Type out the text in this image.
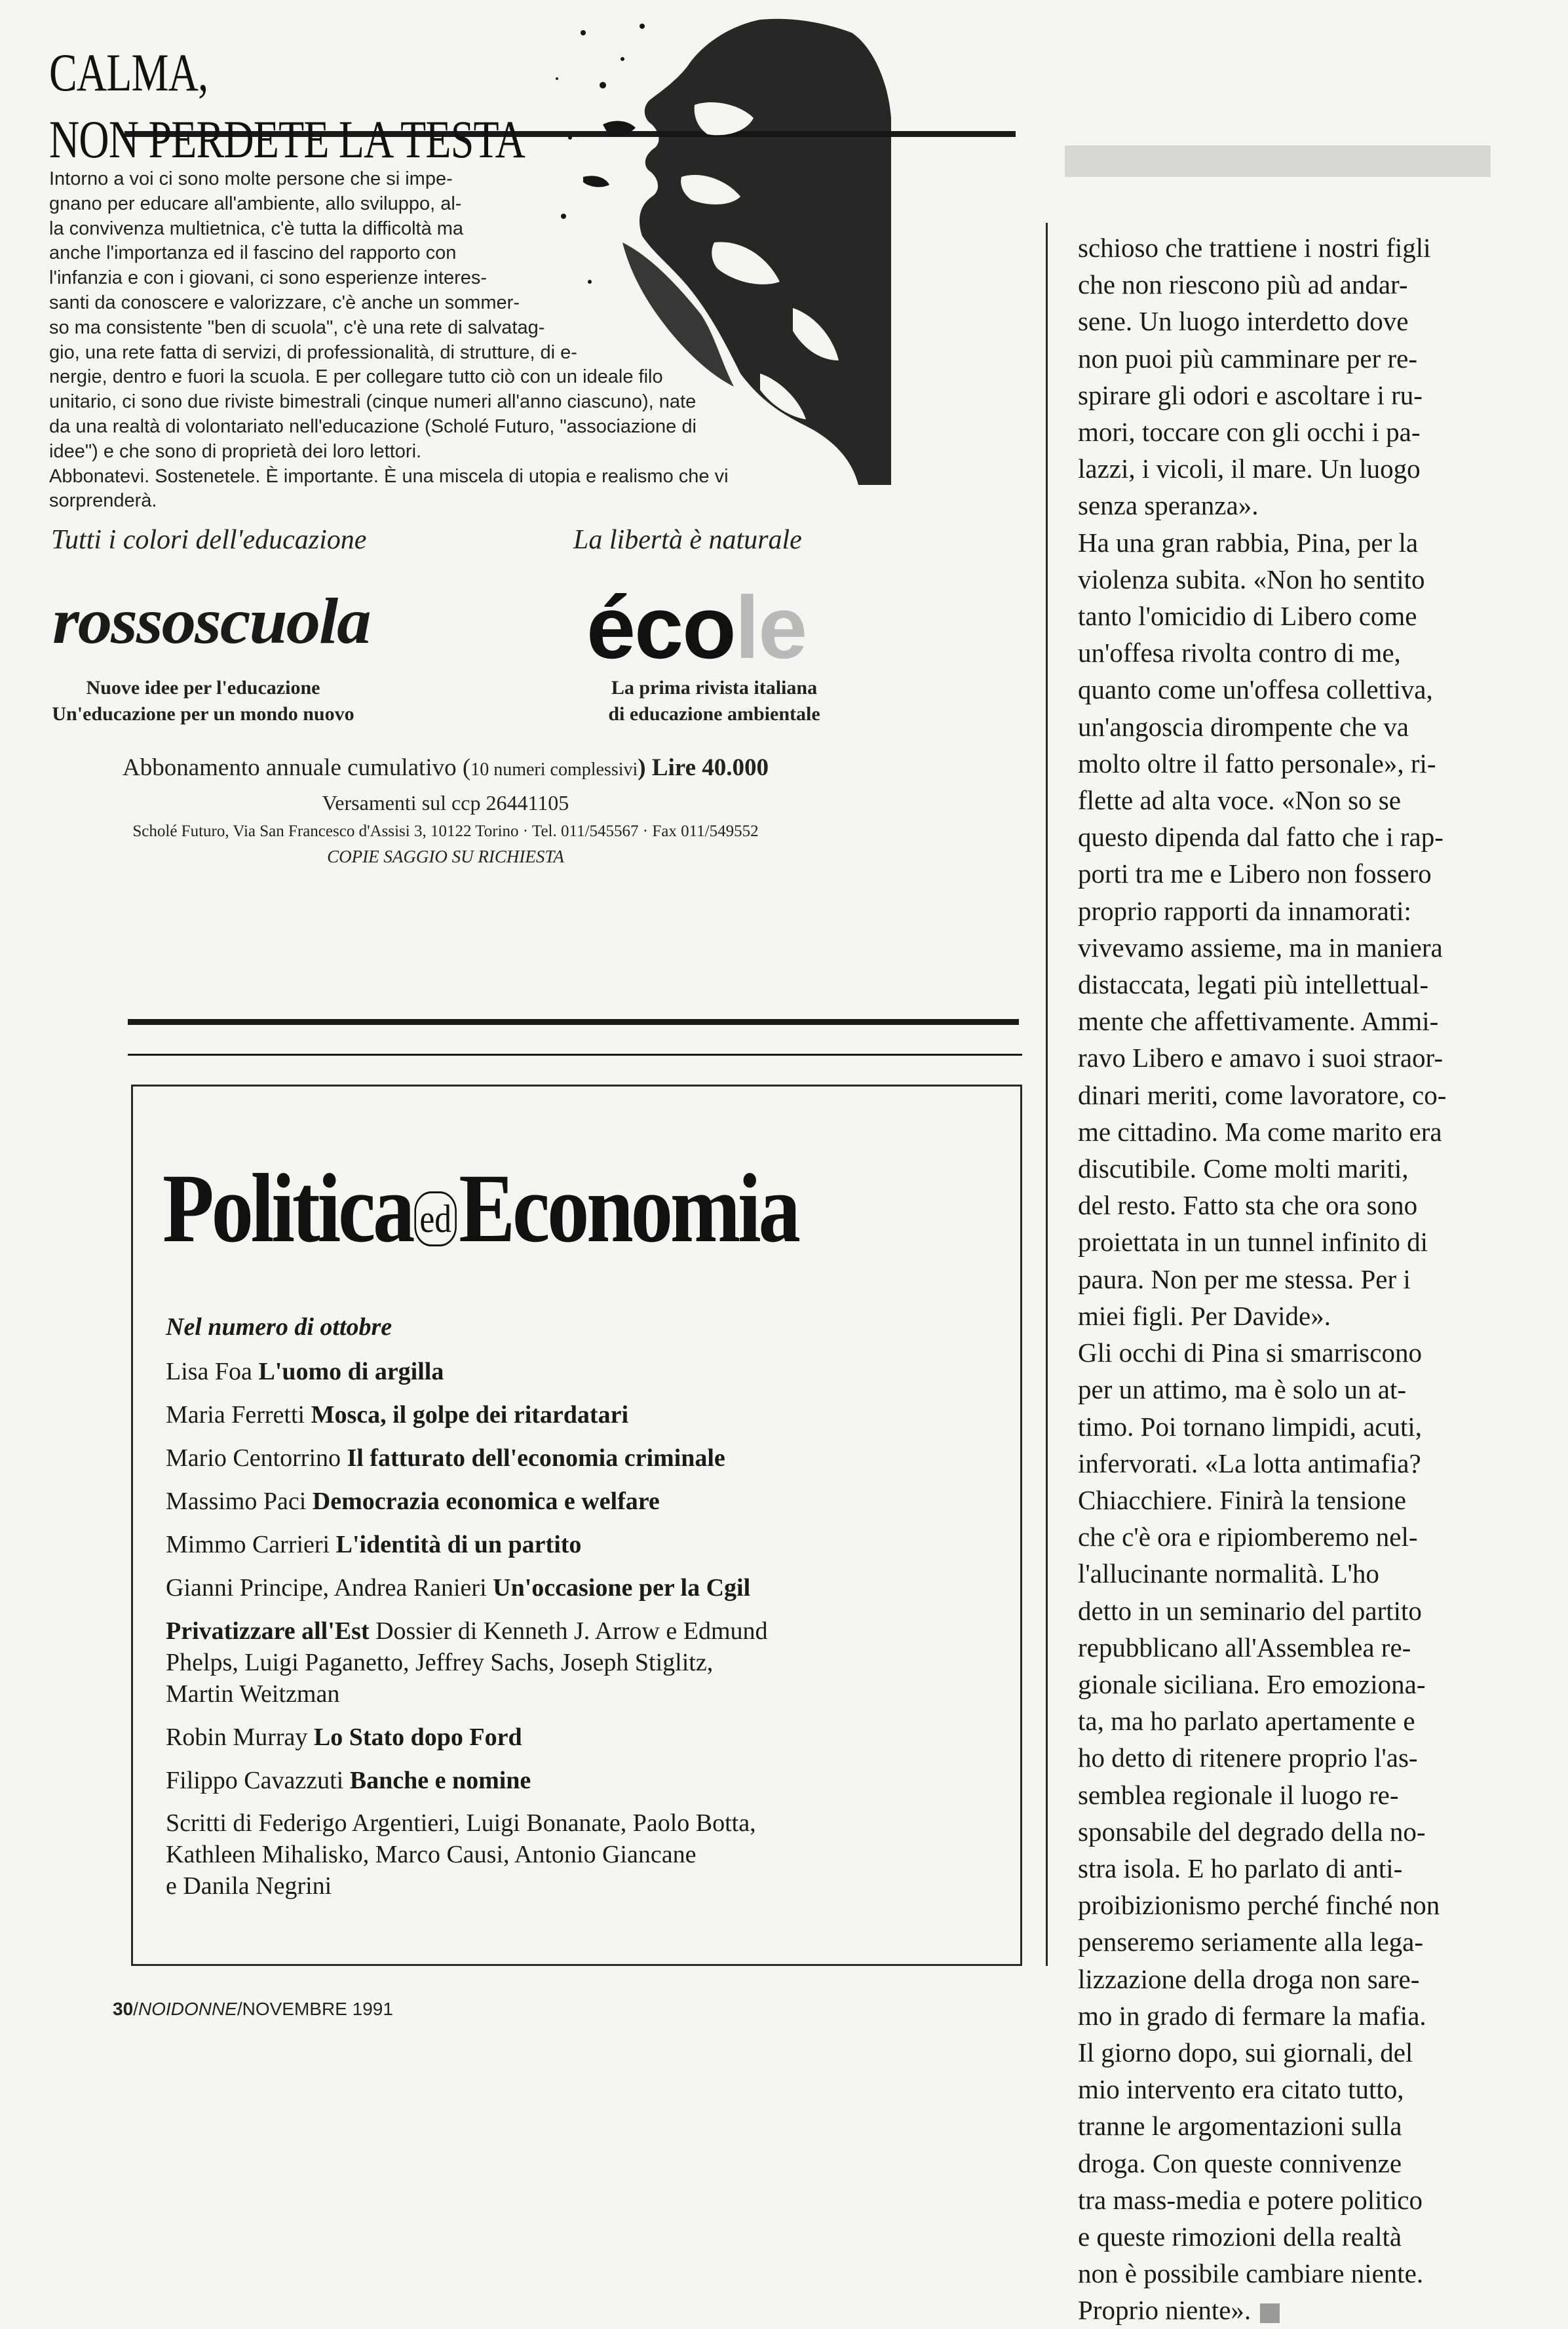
CALMA,
NON PERDETE LA TESTA
Intorno a voi ci sono molte persone che si impe-
gnano per educare all'ambiente, allo sviluppo, al-
la convivenza multietnica, c'è tutta la difficoltà ma
anche l'importanza ed il fascino del rapporto con
l'infanzia e con i giovani, ci sono esperienze interes-
santi da conoscere e valorizzare, c'è anche un sommer-
so ma consistente "ben di scuola", c'è una rete di salvatag-
gio, una rete fatta di servizi, di professionalità, di strutture, di e-
nergie, dentro e fuori la scuola. E per collegare tutto ciò con un ideale filo
unitario, ci sono due riviste bimestrali (cinque numeri all'anno ciascuno), nate
da una realtà di volontariato nell'educazione (Scholé Futuro, "associazione di
idee") e che sono di proprietà dei loro lettori.
Abbonatevi. Sostenetele. È importante. È una miscela di utopia e realismo che vi
sorprenderà.
Tutti i colori dell'educazione	La libertà è naturale
rossoscuola école
Nuove idee per l'educazione
Un'educazione per un mondo nuovo
La prima rivista italiana
di educazione ambientale
Abbonamento annuale cumulativo (10 numeri complessivi) Lire 40.000
Versamenti sul ccp 26441105
Scholé Futuro, Via San Francesco d'Assisi 3, 10122 Torino · Tel. 011/545567 · Fax 011/549552
COPIE SAGGIO SU RICHIESTA
Politica edEconomia
Nel numero di ottobre
Lisa Foa L'uomo di argilla
Maria Ferretti Mosca, il golpe dei ritardatari
Mario Centorrino Il fatturato dell'economia criminale
Massimo Paci Democrazia economica e welfare
Mimmo Carrieri L'identità di un partito
Gianni Principe, Andrea Ranieri Un'occasione per la Cgil
Privatizzare all'Est Dossier di Kenneth J. Arrow e Edmund
Phelps, Luigi Paganetto, Jeffrey Sachs, Joseph Stiglitz,
Martin Weitzman
Robin Murray Lo Stato dopo Ford
Filippo Cavazzuti Banche e nomine
Scritti di Federigo Argentieri, Luigi Bonanate, Paolo Botta,
Kathleen Mihalisko, Marco Causi, Antonio Giancane
e Danila Negrini
schioso che trattiene i nostri figli
che non riescono più ad andar-
sene. Un luogo interdetto dove
non puoi più camminare per re-
spirare gli odori e ascoltare i ru-
mori, toccare con gli occhi i pa-
lazzi, i vicoli, il mare. Un luogo
senza speranza».
Ha una gran rabbia, Pina, per la
violenza subita. «Non ho sentito
tanto l'omicidio di Libero come
un'offesa rivolta contro di me,
quanto come un'offesa collettiva,
un'angoscia dirompente che va
molto oltre il fatto personale», ri-
flette ad alta voce. «Non so se
questo dipenda dal fatto che i rap-
porti tra me e Libero non fossero
proprio rapporti da innamorati:
vivevamo assieme, ma in maniera
distaccata, legati più intellettual-
mente che affettivamente. Ammi-
ravo Libero e amavo i suoi straor-
dinari meriti, come lavoratore, co-
me cittadino. Ma come marito era
discutibile. Come molti mariti,
del resto. Fatto sta che ora sono
proiettata in un tunnel infinito di
paura. Non per me stessa. Per i
miei figli. Per Davide».
Gli occhi di Pina si smarriscono
per un attimo, ma è solo un at-
timo. Poi tornano limpidi, acuti,
infervorati. «La lotta antimafia?
Chiacchiere. Finirà la tensione
che c'è ora e ripiomberemo nel-
l'allucinante normalità. L'ho
detto in un seminario del partito
repubblicano all'Assemblea re-
gionale siciliana. Ero emoziona-
ta, ma ho parlato apertamente e
ho detto di ritenere proprio l'as-
semblea regionale il luogo re-
sponsabile del degrado della no-
stra isola. E ho parlato di anti-
proibizionismo perché finché non
penseremo seriamente alla lega-
lizzazione della droga non sare-
mo in grado di fermare la mafia.
Il giorno dopo, sui giornali, del
mio intervento era citato tutto,
tranne le argomentazioni sulla
droga. Con queste connivenze
tra mass-media e potere politico
e queste rimozioni della realtà
non è possibile cambiare niente.
Proprio niente».
30/NOIDONNE/NOVEMBRE 1991
